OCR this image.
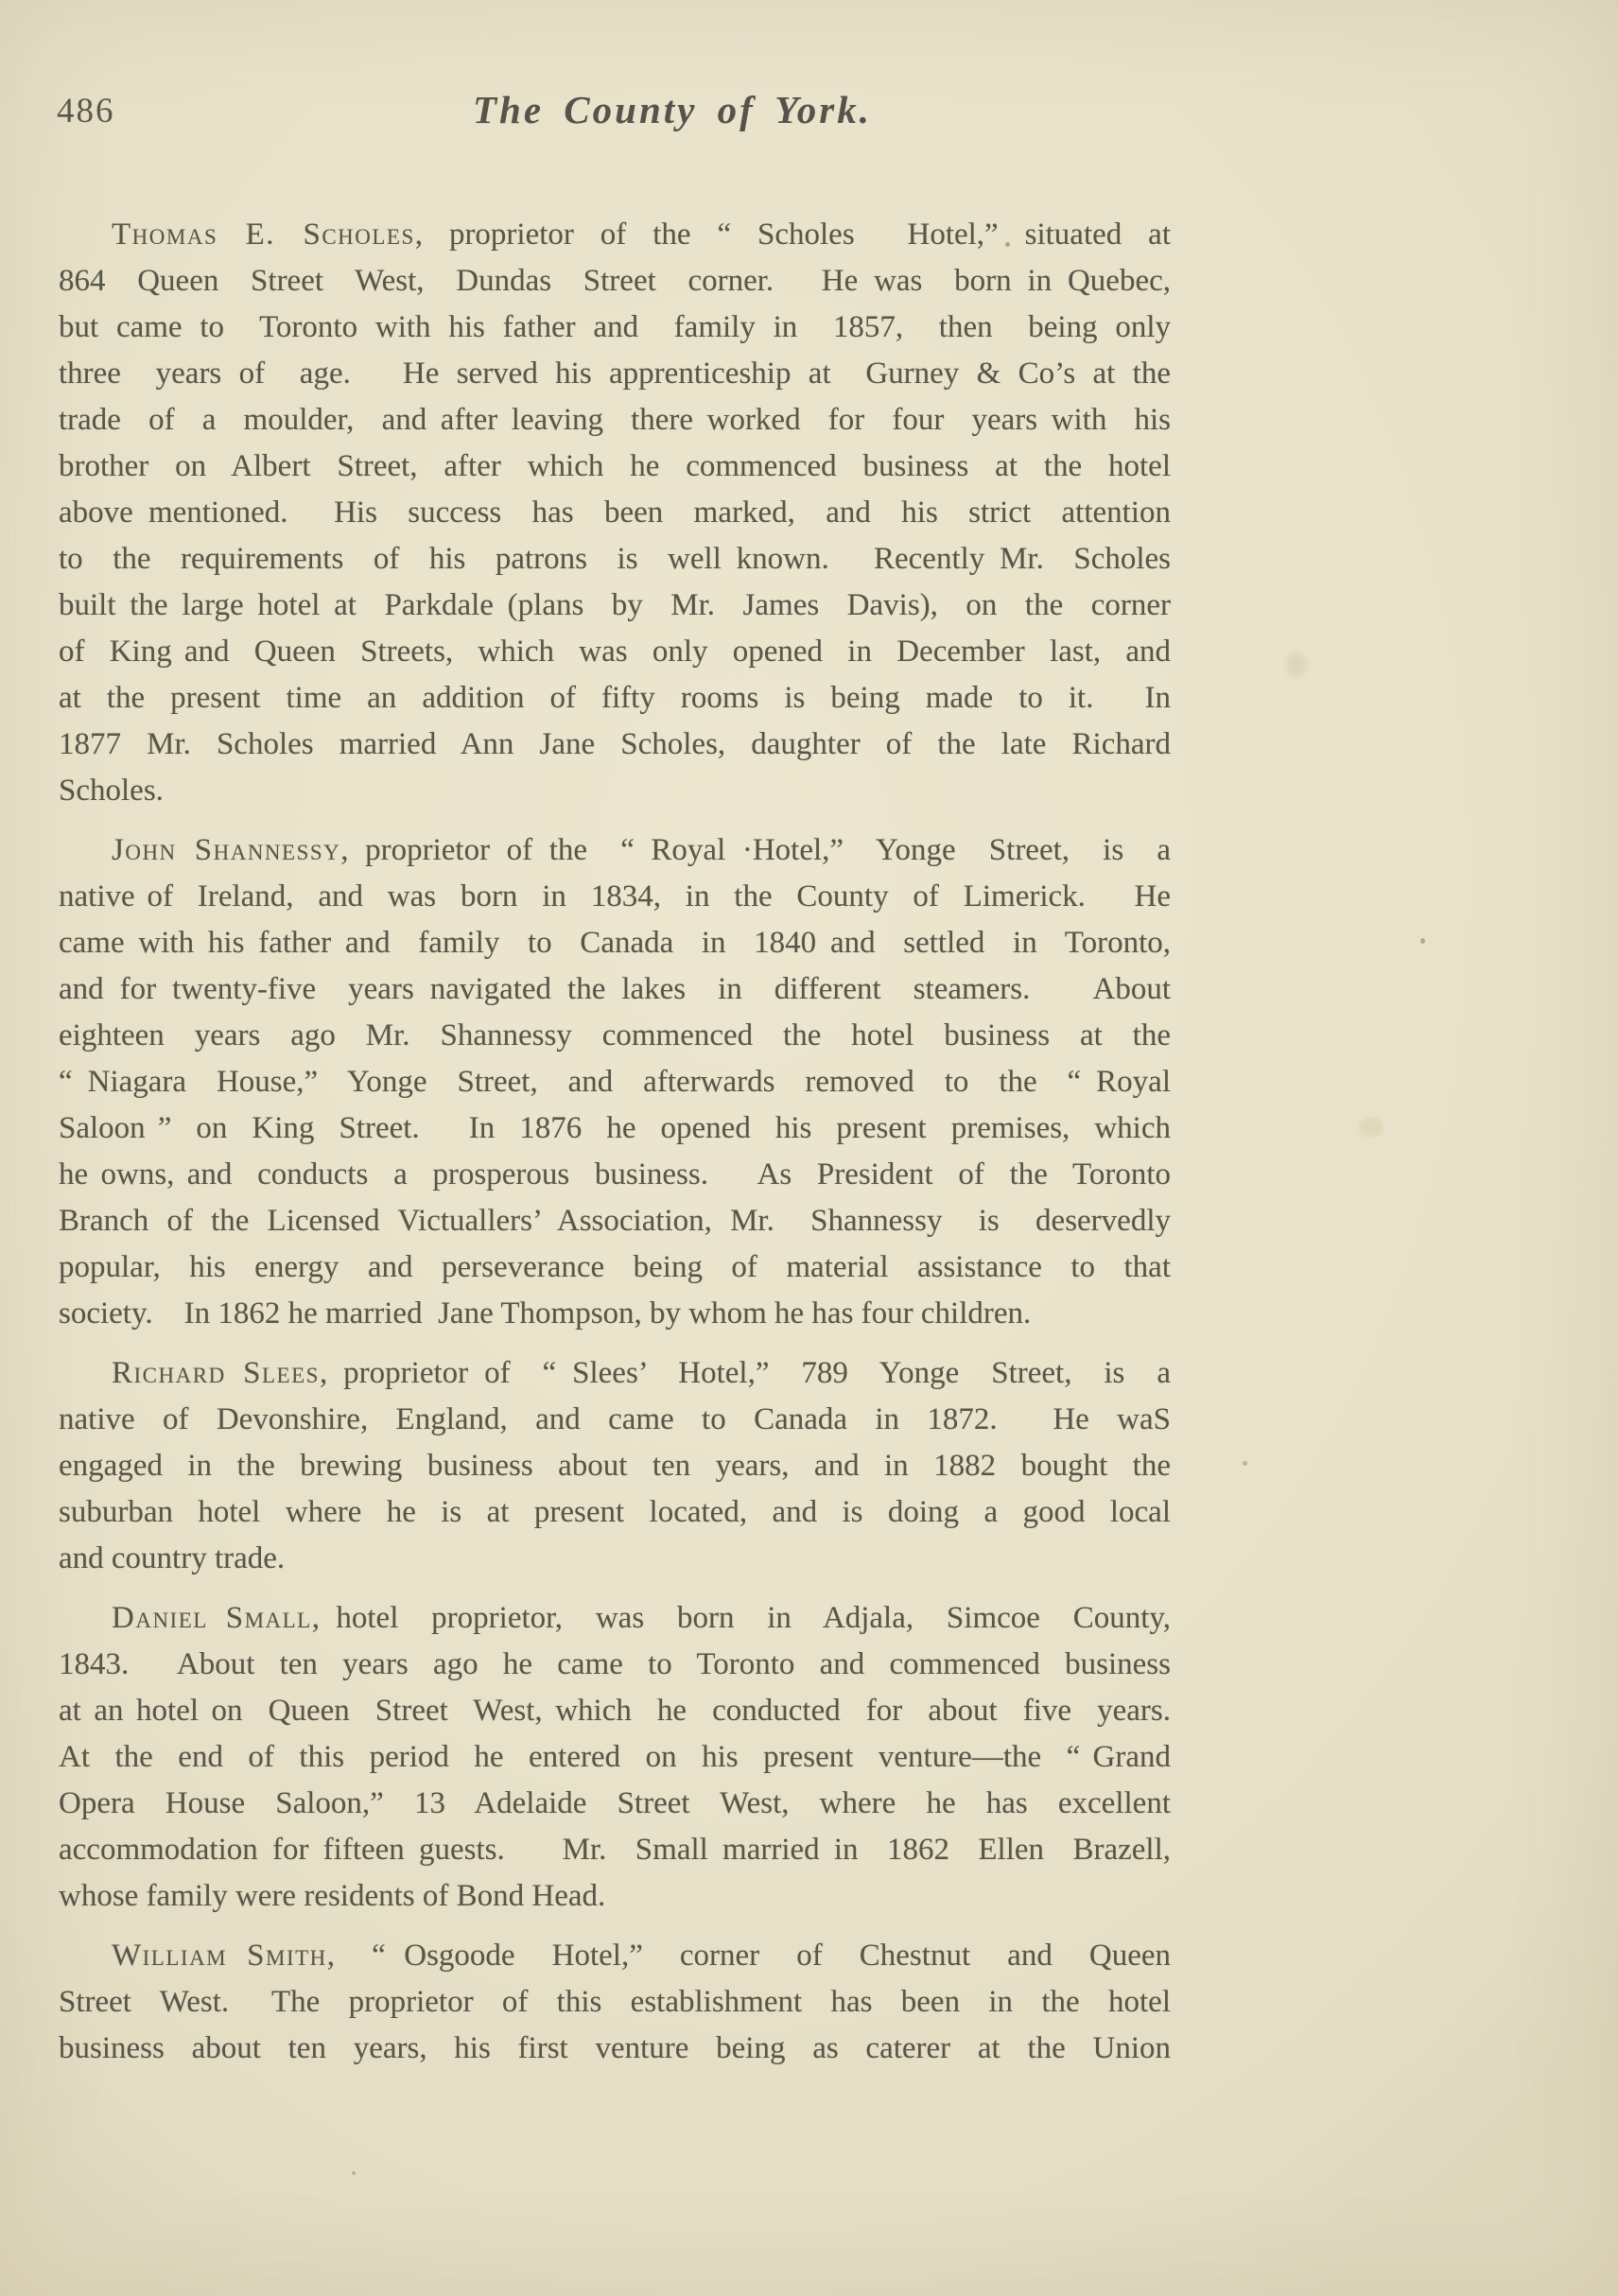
486	The County of York.
Thomas E. Scholes, proprietor of the “ Scholes  Hotel,” situated at
864  Queen  Street  West,  Dundas  Street  corner.   He was  born in Quebec,
but came to  Toronto with his father and  family in  1857,  then  being only
three  years of  age.   He served his apprenticeship at  Gurney & Co’s at the
trade  of  a  moulder,  and after leaving  there worked  for  four  years with  his
brother  on  Albert  Street,  after  which  he  commenced  business  at  the  hotel
above mentioned.   His  success  has  been  marked,  and  his  strict  attention
to  the  requirements  of  his  patrons  is  well known.   Recently Mr.  Scholes
built the large hotel at  Parkdale (plans  by  Mr.  James  Davis),  on  the  corner
of  King and  Queen  Streets,  which  was  only  opened  in  December  last,  and
at  the  present  time  an  addition  of  fifty  rooms  is  being  made  to  it.    In
1877  Mr.  Scholes  married  Ann  Jane  Scholes,  daughter  of  the  late  Richard
Scholes.
John Shannessy, proprietor of the  “ Royal ·Hotel,”  Yonge  Street,  is  a
native of  Ireland,  and  was  born  in  1834,  in  the  County  of  Limerick.    He
came with his father and  family  to  Canada  in  1840 and  settled  in  Toronto,
and for twenty-five  years navigated the lakes  in  different  steamers.    About
eighteen  years  ago  Mr.  Shannessy  commenced  the  hotel  business  at  the
“ Niagara  House,”  Yonge  Street,  and  afterwards  removed  to  the  “ Royal
Saloon ”  on  King  Street.    In  1876  he  opened  his  present  premises,  which
he owns, and  conducts  a  prosperous  business.    As  President  of  the  Toronto
Branch of the Licensed Victuallers’ Association, Mr.  Shannessy  is  deservedly
popular,  his  energy  and  perseverance  being  of  material  assistance  to  that
society.    In 1862 he married  Jane Thompson, by whom he has four children.
Richard Slees, proprietor of  “ Slees’  Hotel,”  789  Yonge  Street,  is  a
native  of  Devonshire,  England,  and  came  to  Canada  in  1872.    He  waS
engaged  in  the  brewing  business  about  ten  years,  and  in  1882  bought  the
suburban  hotel  where  he  is  at  present  located,  and  is  doing  a  good  local
and country trade.
Daniel Small, hotel  proprietor,  was  born  in  Adjala,  Simcoe  County,
1843.    About  ten  years  ago  he  came  to  Toronto  and  commenced  business
at an hotel on  Queen  Street  West, which  he  conducted  for  about  five  years.
At  the  end  of  this  period  he  entered  on  his  present  venture—the  “ Grand
Opera  House  Saloon,”  13  Adelaide  Street  West,  where  he  has  excellent
accommodation for fifteen guests.    Mr.  Small married in  1862  Ellen  Brazell,
whose family were residents of Bond Head.
William Smith,  “ Osgoode  Hotel,”  corner  of  Chestnut  and  Queen
Street  West.   The  proprietor  of  this  establishment  has  been  in  the  hotel
business  about  ten  years,  his  first  venture  being  as  caterer  at  the  Union
